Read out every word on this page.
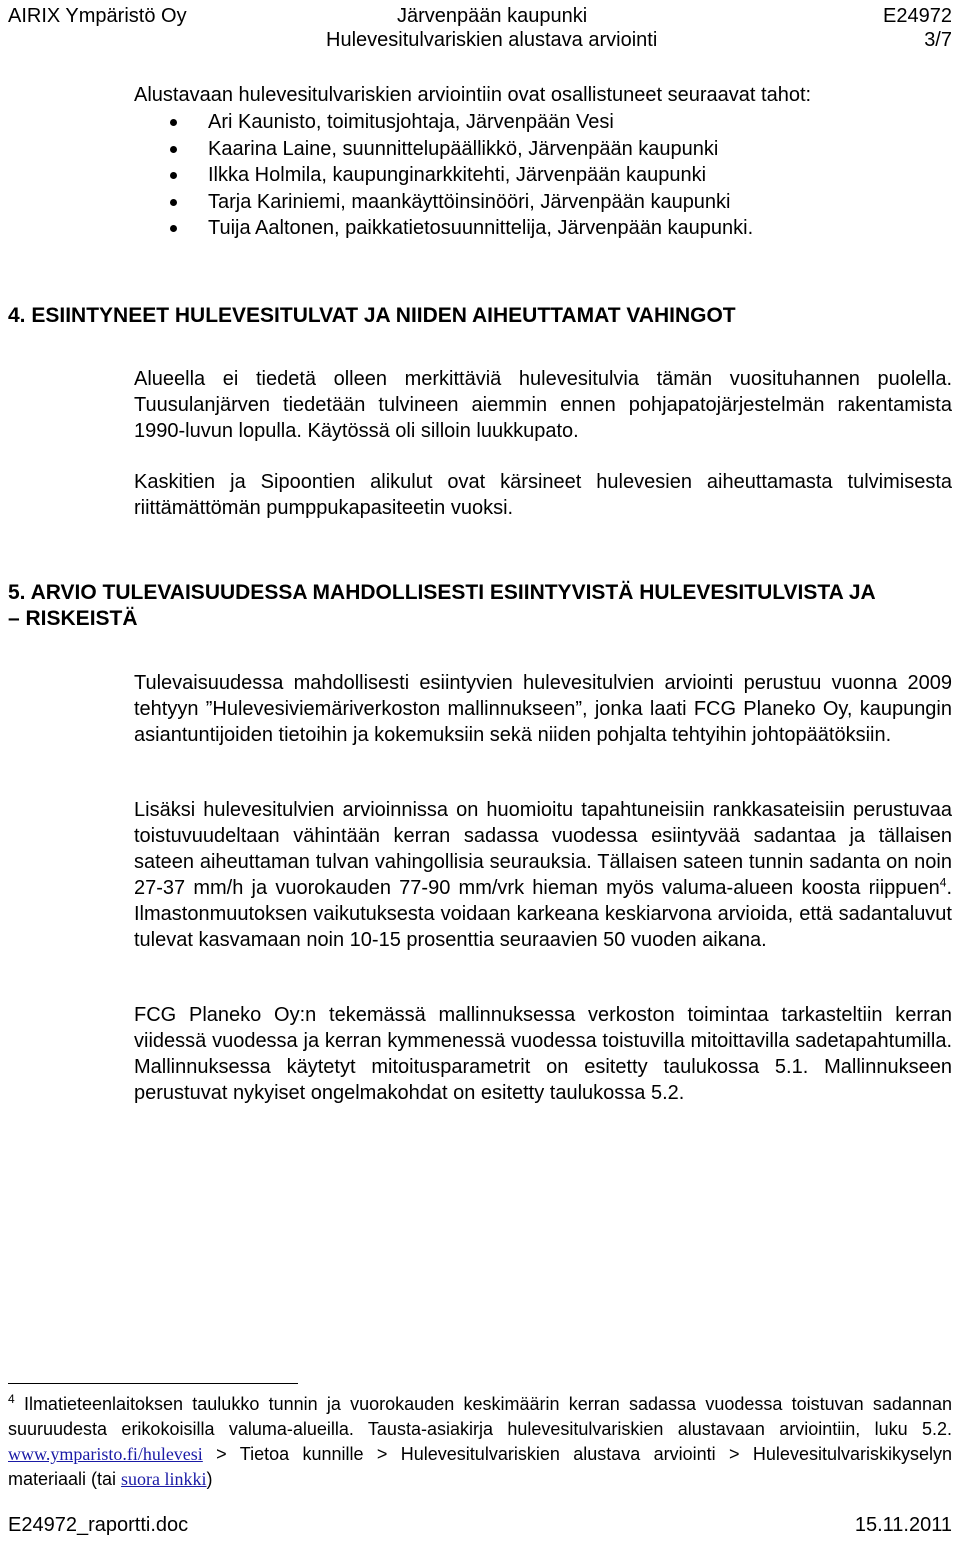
AIRIX Ympäristö Oy	Järvenpään kaupunki	E24972
Hulevesitulvariskien alustava arviointi	3/7
Alustavaan hulevesitulvariskien arviointiin ovat osallistuneet seuraavat tahot:
Ari Kaunisto, toimitusjohtaja, Järvenpään Vesi
Kaarina Laine, suunnittelupäällikkö, Järvenpään kaupunki
Ilkka Holmila, kaupunginarkkitehti, Järvenpään kaupunki
Tarja Kariniemi, maankäyttöinsinööri, Järvenpään kaupunki
Tuija Aaltonen, paikkatietosuunnittelija, Järvenpään kaupunki.
4. ESIINTYNEET HULEVESITULVAT JA NIIDEN AIHEUTTAMAT VAHINGOT
Alueella ei tiedetä olleen merkittäviä hulevesitulvia tämän vuosituhannen puolella. Tuusulanjärven tiedetään tulvineen aiemmin ennen pohjapatojärjestelmän rakentamista 1990-luvun lopulla. Käytössä oli silloin luukkupato.
Kaskitien ja Sipoontien alikulut ovat kärsineet hulevesien aiheuttamasta tulvimisesta riittämättömän pumppukapasiteetin vuoksi.
5. ARVIO TULEVAISUUDESSA MAHDOLLISESTI ESIINTYVISTÄ HULEVESITULVISTA JA
– RISKEISTÄ
Tulevaisuudessa mahdollisesti esiintyvien hulevesitulvien arviointi perustuu vuonna 2009 tehtyyn ”Hulevesiviemäriverkoston mallinnukseen”, jonka laati FCG Planeko Oy, kaupungin asiantuntijoiden tietoihin ja kokemuksiin sekä niiden pohjalta tehtyihin johtopäätöksiin.
Lisäksi hulevesitulvien arvioinnissa on huomioitu tapahtuneisiin rankkasateisiin perustuvaa toistuvuudeltaan vähintään kerran sadassa vuodessa esiintyvää sadantaa ja tällaisen sateen aiheuttaman tulvan vahingollisia seurauksia. Tällaisen sateen tunnin sadanta on noin 27-37 mm/h ja vuorokauden 77-90 mm/vrk hieman myös valuma-alueen koosta riippuen$^4$. Ilmastonmuutoksen vaikutuksesta voidaan karkeana keskiarvona arvioida, että sadantaluvut tulevat kasvamaan noin 10-15 prosenttia seuraavien 50 vuoden aikana.
FCG Planeko Oy:n tekemässä mallinnuksessa verkoston toimintaa tarkasteltiin kerran viidessä vuodessa ja kerran kymmenessä vuodessa toistuvilla mitoittavilla sadetapahtumilla. Mallinnuksessa käytetyt mitoitusparametrit on esitetty taulukossa 5.1. Mallinnukseen perustuvat nykyiset ongelmakohdat on esitetty taulukossa 5.2.
$^4$ Ilmatieteenlaitoksen taulukko tunnin ja vuorokauden keskimäärin kerran sadassa vuodessa toistuvan sadannan suuruudesta erikokoisilla valuma-alueilla. Tausta-asiakirja hulevesitulvariskien alustavaan arviointiin, luku 5.2. www.ymparisto.fi/hulevesi > Tietoa kunnille > Hulevesitulvariskien alustava arviointi > Hulevesitulvariskikyselyn materiaali (tai suora linkki)
E24972_raportti.doc	15.11.2011
